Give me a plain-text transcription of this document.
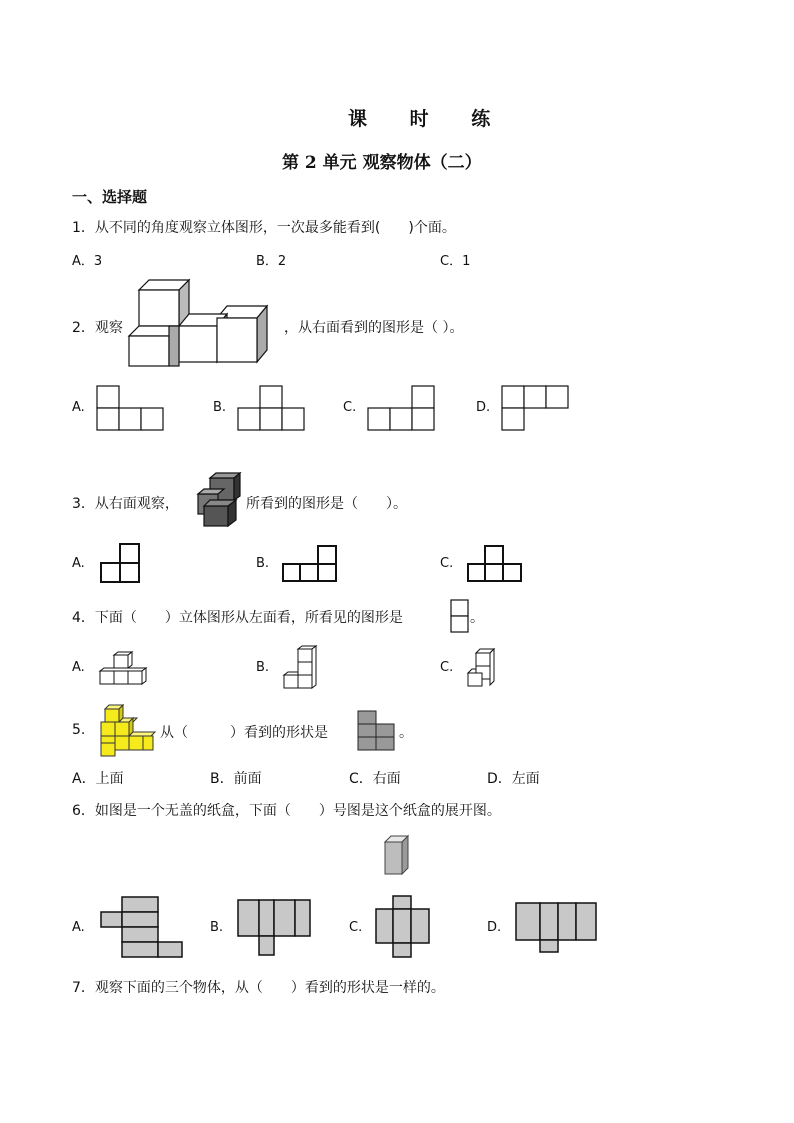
课 时 练
第 2 单元 观察物体（二）
一、选择题
1．从不同的角度观察立体图形，一次最多能看到(　　)个面。
A．3	B．2	C．1
2．观察	，从右面看到的图形是（ ）。
A.	B.	C.	D.
3．从右面观察，	所看到的图形是（　　）。
A.	B.	C.
4．下面（　　）立体图形从左面看，所看见的图形是	。
A.	B.	C.
5.	从（　　　）看到的形状是	。
A．上面	B．前面	C．右面	D．左面
6．如图是一个无盖的纸盒，下面（　　）号图是这个纸盒的展开图。
A.	B.	C.	D.
7．观察下面的三个物体，从（　　）看到的形状是一样的。
